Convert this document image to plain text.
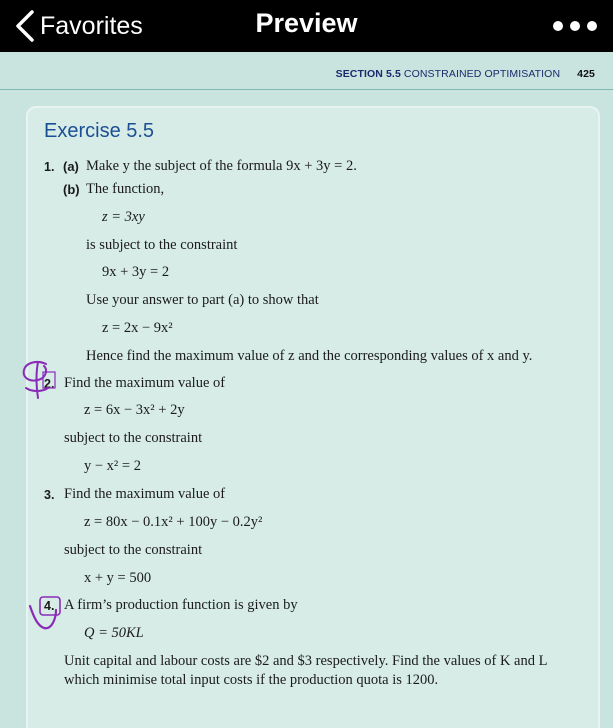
Favorites	Preview
SECTION 5.5 CONSTRAINED OPTIMISATION 425
Exercise 5.5
1. (a) Make y the subject of the formula 9x + 3y = 2.
(b) The function,
z = 3xy
is subject to the constraint
9x + 3y = 2
Use your answer to part (a) to show that
z = 2x − 9x²
Hence find the maximum value of z and the corresponding values of x and y.
2. Find the maximum value of
z = 6x − 3x² + 2y
subject to the constraint
y − x² = 2
3. Find the maximum value of
z = 80x − 0.1x² + 100y − 0.2y²
subject to the constraint
x + y = 500
4. A firm’s production function is given by
Q = 50KL
Unit capital and labour costs are $2 and $3 respectively. Find the values of K and L
which minimise total input costs if the production quota is 1200.
